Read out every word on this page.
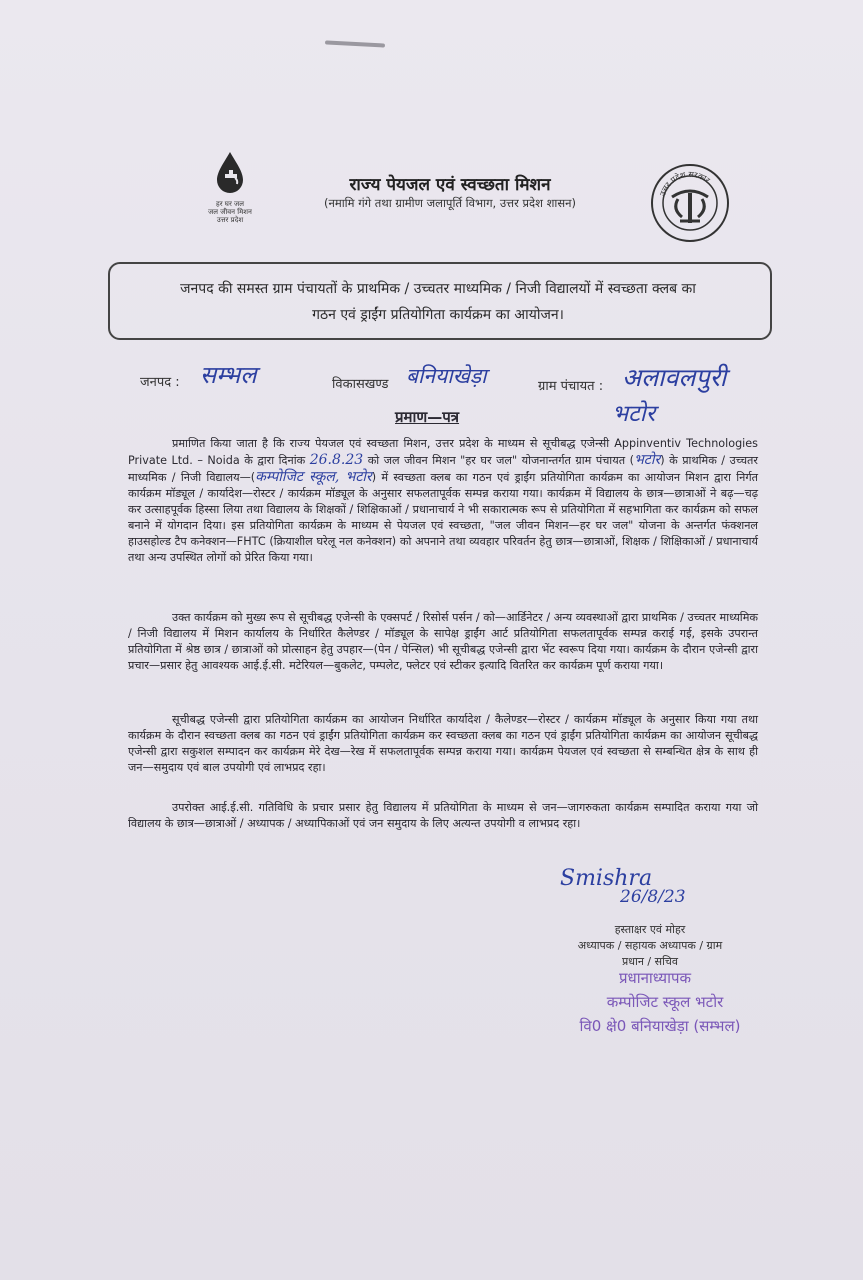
हर घर जल
जल जीवन मिशन
उत्तर प्रदेश
उत्तर प्रदेश सरकार
राज्य पेयजल एवं स्वच्छता मिशन
(नमामि गंगे तथा ग्रामीण जलापूर्ति विभाग, उत्तर प्रदेश शासन)
जनपद की समस्त ग्राम पंचायतों के प्राथमिक / उच्चतर माध्यमिक / निजी विद्यालयों में स्वच्छता क्लब का
गठन एवं ड्राईंग प्रतियोगिता कार्यक्रम का आयोजन।
जनपद : सम्भल	विकासखण्ड बनियाखेड़ा	ग्राम पंचायत : अलावलपुरी
भटोर
प्रमाण—पत्र
प्रमाणित किया जाता है कि राज्य पेयजल एवं स्वच्छता मिशन, उत्तर प्रदेश के माध्यम से सूचीबद्ध एजेन्सी Appinventiv Technologies Private Ltd. – Noida के द्वारा दिनांक 26.8.23 को जल जीवन मिशन "हर घर जल" योजनान्तर्गत ग्राम पंचायत (भटोर) के प्राथमिक / उच्चतर माध्यमिक / निजी विद्यालय—(कम्पोजिट स्कूल, भटोर) में स्वच्छता क्लब का गठन एवं ड्राईंग प्रतियोगिता कार्यक्रम का आयोजन मिशन द्वारा निर्गत कार्यक्रम मॉड्यूल / कार्यादेश—रोस्टर / कार्यक्रम मॉड्यूल के अनुसार सफलतापूर्वक सम्पन्न कराया गया। कार्यक्रम में विद्यालय के छात्र—छात्राओं ने बढ़—चढ़ कर उत्साहपूर्वक हिस्सा लिया तथा विद्यालय के शिक्षकों / शिक्षिकाओं / प्रधानाचार्य ने भी सकारात्मक रूप से प्रतियोगिता में सहभागिता कर कार्यक्रम को सफल बनाने में योगदान दिया। इस प्रतियोगिता कार्यक्रम के माध्यम से पेयजल एवं स्वच्छता, "जल जीवन मिशन—हर घर जल" योजना के अन्तर्गत फंक्शनल हाउसहोल्ड टैप कनेक्शन—FHTC (क्रियाशील घरेलू नल कनेक्शन) को अपनाने तथा व्यवहार परिवर्तन हेतु छात्र—छात्राओं, शिक्षक / शिक्षिकाओं / प्रधानाचार्य तथा अन्य उपस्थित लोगों को प्रेरित किया गया।
उक्त कार्यक्रम को मुख्य रूप से सूचीबद्ध एजेन्सी के एक्सपर्ट / रिसोर्स पर्सन / को—आर्डिनेटर / अन्य व्यवस्थाओं द्वारा प्राथमिक / उच्चतर माध्यमिक / निजी विद्यालय में मिशन कार्यालय के निर्धारित कैलेण्डर / मॉड्यूल के सापेक्ष ड्राईंग आर्ट प्रतियोगिता सफलतापूर्वक सम्पन्न कराई गई, इसके उपरान्त प्रतियोगिता में श्रेष्ठ छात्र / छात्राओं को प्रोत्साहन हेतु उपहार—(पेन / पेन्सिल) भी सूचीबद्ध एजेन्सी द्वारा भेंट स्वरूप दिया गया। कार्यक्रम के दौरान एजेन्सी द्वारा प्रचार—प्रसार हेतु आवश्यक आई.ई.सी. मटेरियल—बुकलेट, पम्पलेट, फ्लेटर एवं स्टीकर इत्यादि वितरित कर कार्यक्रम पूर्ण कराया गया।
सूचीबद्ध एजेन्सी द्वारा प्रतियोगिता कार्यक्रम का आयोजन निर्धारित कार्यादेश / कैलेण्डर—रोस्टर / कार्यक्रम मॉड्यूल के अनुसार किया गया तथा कार्यक्रम के दौरान स्वच्छता क्लब का गठन एवं ड्राईंग प्रतियोगिता कार्यक्रम कर स्वच्छता क्लब का गठन एवं ड्राईंग प्रतियोगिता कार्यक्रम का आयोजन सूचीबद्ध एजेन्सी द्वारा सकुशल सम्पादन कर कार्यक्रम मेरे देख—रेख में सफलतापूर्वक सम्पन्न कराया गया। कार्यक्रम पेयजल एवं स्वच्छता से सम्बन्धित क्षेत्र के साथ ही जन—समुदाय एवं बाल उपयोगी एवं लाभप्रद रहा।
उपरोक्त आई.ई.सी. गतिविधि के प्रचार प्रसार हेतु विद्यालय में प्रतियोगिता के माध्यम से जन—जागरुकता कार्यक्रम सम्पादित कराया गया जो विद्यालय के छात्र—छात्राओं / अध्यापक / अध्यापिकाओं एवं जन समुदाय के लिए अत्यन्त उपयोगी व लाभप्रद रहा।
Smishra
26/8/23
हस्ताक्षर एवं मोहर
अध्यापक / सहायक अध्यापक / ग्राम
प्रधान / सचिव
प्रधानाध्यापक
कम्पोजिट स्कूल भटोर
वि0 क्षे0 बनियाखेड़ा (सम्भल)
